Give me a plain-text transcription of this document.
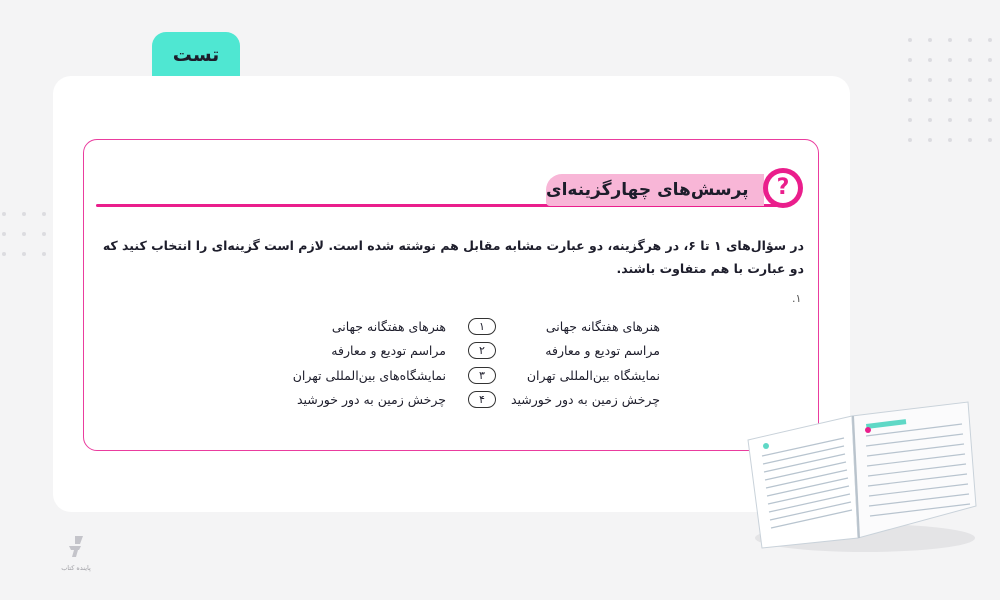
تست
پرسش‌های چهارگزینه‌ای	?
در سؤال‌های ۱ تا ۶، در هرگزینه، دو عبارت مشابه مقابل هم نوشته شده است. لازم است گزینه‌ای را انتخاب کنید که دو عبارت با هم متفاوت باشند.
.۱
هنرهای هفتگانه جهانی
۱
هنرهای هفتگانه جهانی
مراسم تودیع و معارفه
۲
مراسم تودیع و معارفه
نمایشگاه بین‌المللی تهران
۳
نمایشگاه‌های بین‌المللی تهران
چرخش زمین به دور خورشید
۴
چرخش زمین به دور خورشید
پاینده کتاب
